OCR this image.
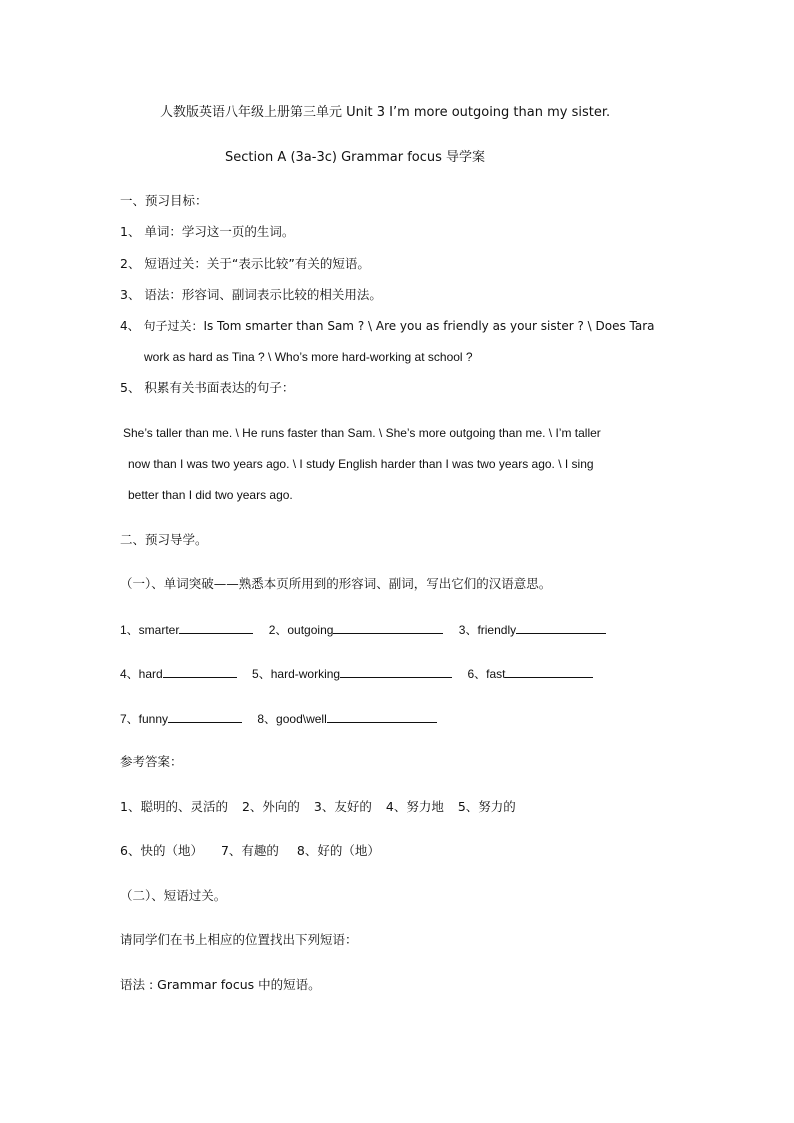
人教版英语八年级上册第三单元 Unit 3 I’m more outgoing than my sister.
Section A (3a-3c) Grammar focus 导学案
一、预习目标：
1、 单词：学习这一页的生词。
2、 短语过关：关于“表示比较”有关的短语。
3、 语法：形容词、副词表示比较的相关用法。
4、 句子过关：Is Tom smarter than Sam ? \ Are you as friendly as your sister ? \ Does Tara
work as hard as Tina ? \ Who’s more hard-working at school ?
5、 积累有关书面表达的句子：
She’s taller than me. \ He runs faster than Sam. \ She’s more outgoing than me. \ I’m taller
now than I was two years ago. \ I study English harder than I was two years ago. \ I sing
better than I did two years ago.
二、预习导学。
（一）、单词突破——熟悉本页所用到的形容词、副词，写出它们的汉语意思。
1、smarter	2、outgoing	3、friendly
4、hard	5、hard-working	6、fast
7、funny	8、good\well
参考答案：
1、聪明的、灵活的 2、外向的 3、友好的 4、努力地 5、努力的
6、快的（地） 7、有趣的 8、好的（地）
（二）、短语过关。
请同学们在书上相应的位置找出下列短语：
语法 : Grammar focus 中的短语。
